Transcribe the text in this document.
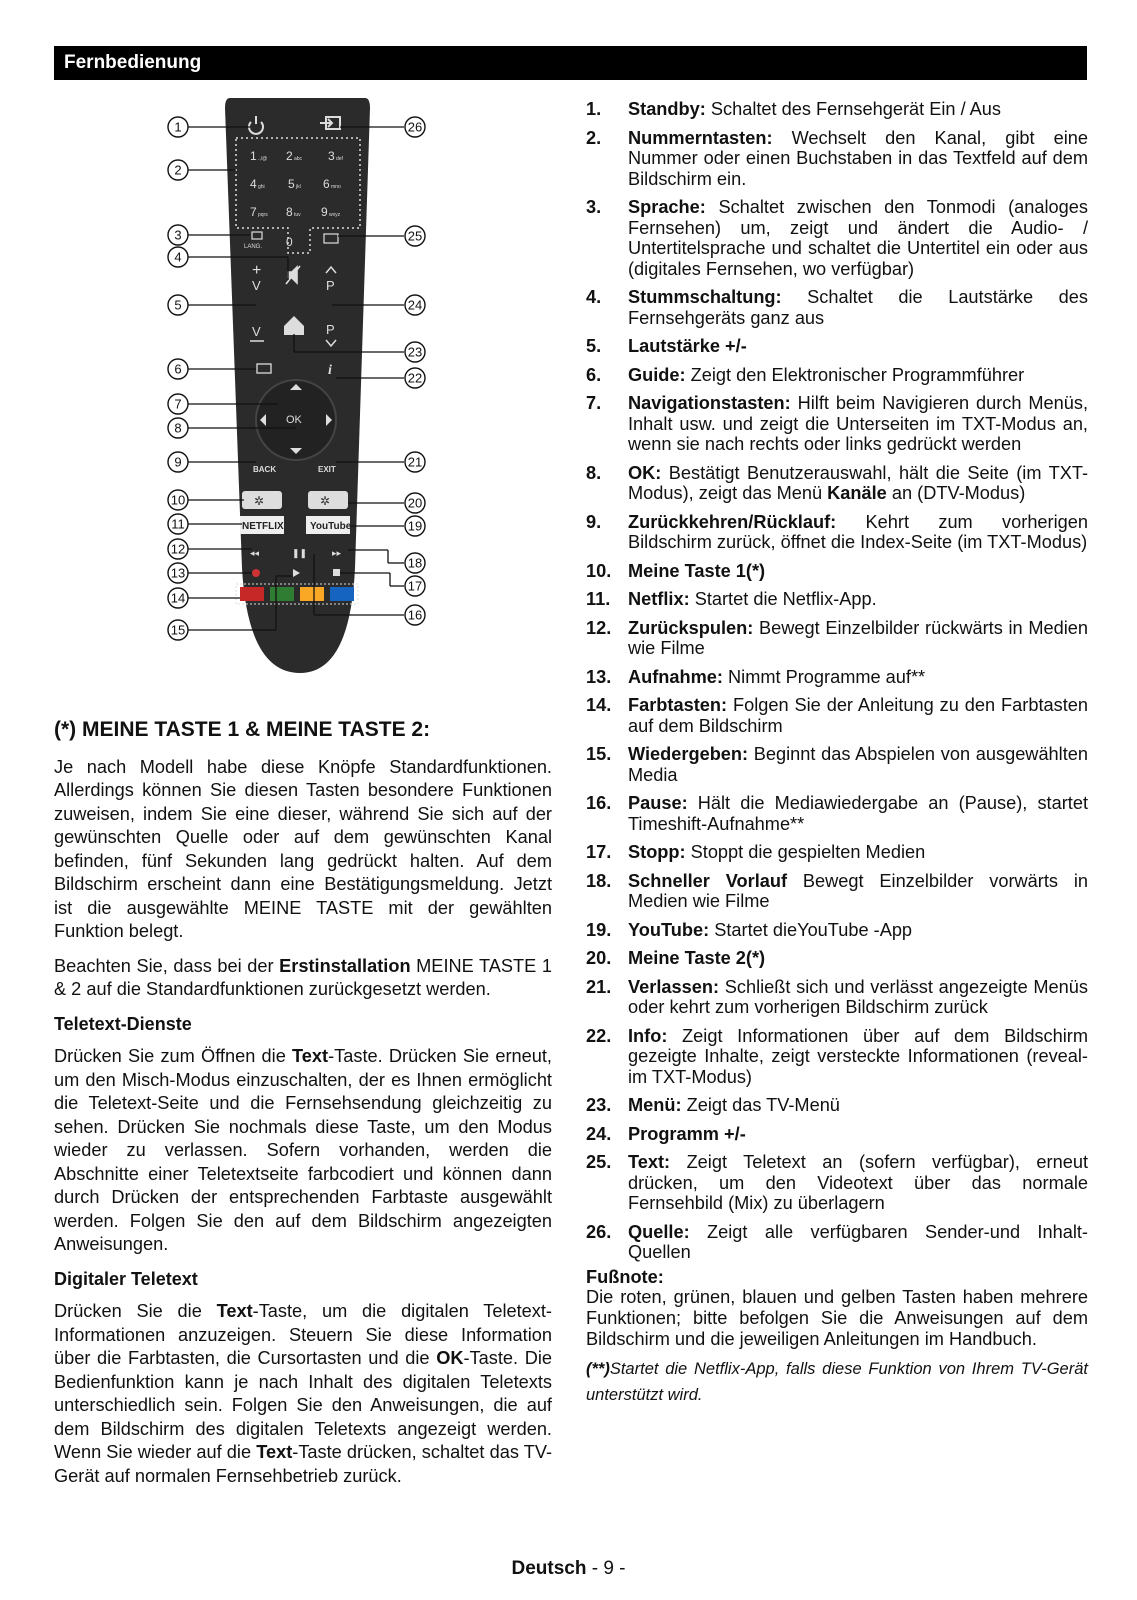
Fernbedienung
1 .,/@ 2 abc 3 def
4 ghi 5 jkl 6 mno
7 pqrs 8 tuv 9 wxyz
0
LANG.
+
V	P
V	P
i
OK
BACK	EXIT
✲	✲
NETFLIX	YouTube
◂◂	❚❚	▸▸
1
2
3
4
5
6
7
8
9
10
11
12
13
14
15
16
17
18
19
20
21
22
23
24
25
26
(*) MEINE TASTE 1 & MEINE TASTE 2:

Je nach Modell habe diese Knöpfe Standardfunktionen. Allerdings können Sie diesen Tasten besondere Funktionen zuweisen, indem Sie eine dieser, während Sie sich auf der gewünschten Quelle oder auf dem gewünschten Kanal befinden, fünf Sekunden lang gedrückt halten. Auf dem Bildschirm erscheint dann eine Bestätigungsmeldung. Jetzt ist die ausgewählte MEINE TASTE mit der gewählten Funktion belegt.

Beachten Sie, dass bei der Erstinstallation MEINE TASTE 1 & 2 auf die Standardfunktionen zurückgesetzt werden.

Teletext-Dienste

Drücken Sie zum Öffnen die Text-Taste. Drücken Sie erneut, um den Misch-Modus einzuschalten, der es Ihnen ermöglicht die Teletext-Seite und die Fernsehsendung gleichzeitig zu sehen. Drücken Sie nochmals diese Taste, um den Modus wieder zu verlassen. Sofern vorhanden, werden die Abschnitte einer Teletextseite farbcodiert und können dann durch Drücken der entsprechenden Farbtaste ausgewählt werden. Folgen Sie den auf dem Bildschirm angezeigten Anweisungen.

Digitaler Teletext

Drücken Sie die Text-Taste, um die digitalen Teletext-Informationen anzuzeigen. Steuern Sie diese Information über die Farbtasten, die Cursortasten und die OK-Taste. Die Bedienfunktion kann je nach Inhalt des digitalen Teletexts unterschiedlich sein. Folgen Sie den Anweisungen, die auf dem Bildschirm des digitalen Teletexts angezeigt werden. Wenn Sie wieder auf die Text-Taste drücken, schaltet das TV-Gerät auf normalen Fernsehbetrieb zurück.

1.	Standby: Schaltet des Fernsehgerät Ein / Aus
2.	Nummerntasten: Wechselt den Kanal, gibt eine Nummer oder einen Buchstaben in das Textfeld auf dem Bildschirm ein.
3.	Sprache: Schaltet zwischen den Tonmodi (analoges Fernsehen) um, zeigt und ändert die Audio- / Untertitelsprache und schaltet die Untertitel ein oder aus (digitales Fernsehen, wo verfügbar)
4.	Stummschaltung: Schaltet die Lautstärke des Fernsehgeräts ganz aus
5.	Lautstärke +/-
6.	Guide: Zeigt den Elektronischer Programmführer
7.	Navigationstasten: Hilft beim Navigieren durch Menüs, Inhalt usw. und zeigt die Unterseiten im TXT-Modus an, wenn sie nach rechts oder links gedrückt werden
8.	OK: Bestätigt Benutzerauswahl, hält die Seite (im TXT-Modus), zeigt das Menü Kanäle an (DTV-Modus)
9.	Zurückkehren/Rücklauf: Kehrt zum vorherigen Bildschirm zurück, öffnet die Index-Seite (im TXT-Modus)
10. Meine Taste 1(*)
11. Netflix: Startet die Netflix-App.
12. Zurückspulen: Bewegt Einzelbilder rückwärts in Medien wie Filme
13. Aufnahme: Nimmt Programme auf**
14. Farbtasten: Folgen Sie der Anleitung zu den Farbtasten auf dem Bildschirm
15. Wiedergeben: Beginnt das Abspielen von ausgewählten Media
16. Pause: Hält die Mediawiedergabe an (Pause), startet Timeshift-Aufnahme**
17. Stopp: Stoppt die gespielten Medien
18. Schneller Vorlauf Bewegt Einzelbilder vorwärts in Medien wie Filme
19. YouTube: Startet dieYouTube -App
20. Meine Taste 2(*)
21. Verlassen: Schließt sich und verlässt angezeigte Menüs oder kehrt zum vorherigen Bildschirm zurück
22. Info: Zeigt Informationen über auf dem Bildschirm gezeigte Inhalte, zeigt versteckte Informationen (reveal- im TXT-Modus)
23. Menü: Zeigt das TV-Menü
24. Programm +/-
25. Text: Zeigt Teletext an (sofern verfügbar), erneut drücken, um den Videotext über das normale Fernsehbild (Mix) zu überlagern
26. Quelle: Zeigt alle verfügbaren Sender-und Inhalt-Quellen
Fußnote:
Die roten, grünen, blauen und gelben Tasten haben mehrere Funktionen; bitte befolgen Sie die Anweisungen auf dem Bildschirm und die jeweiligen Anleitungen im Handbuch.
(**)Startet die Netflix-App, falls diese Funktion von Ihrem TV-Gerät unterstützt wird.
Deutsch - 9 -
